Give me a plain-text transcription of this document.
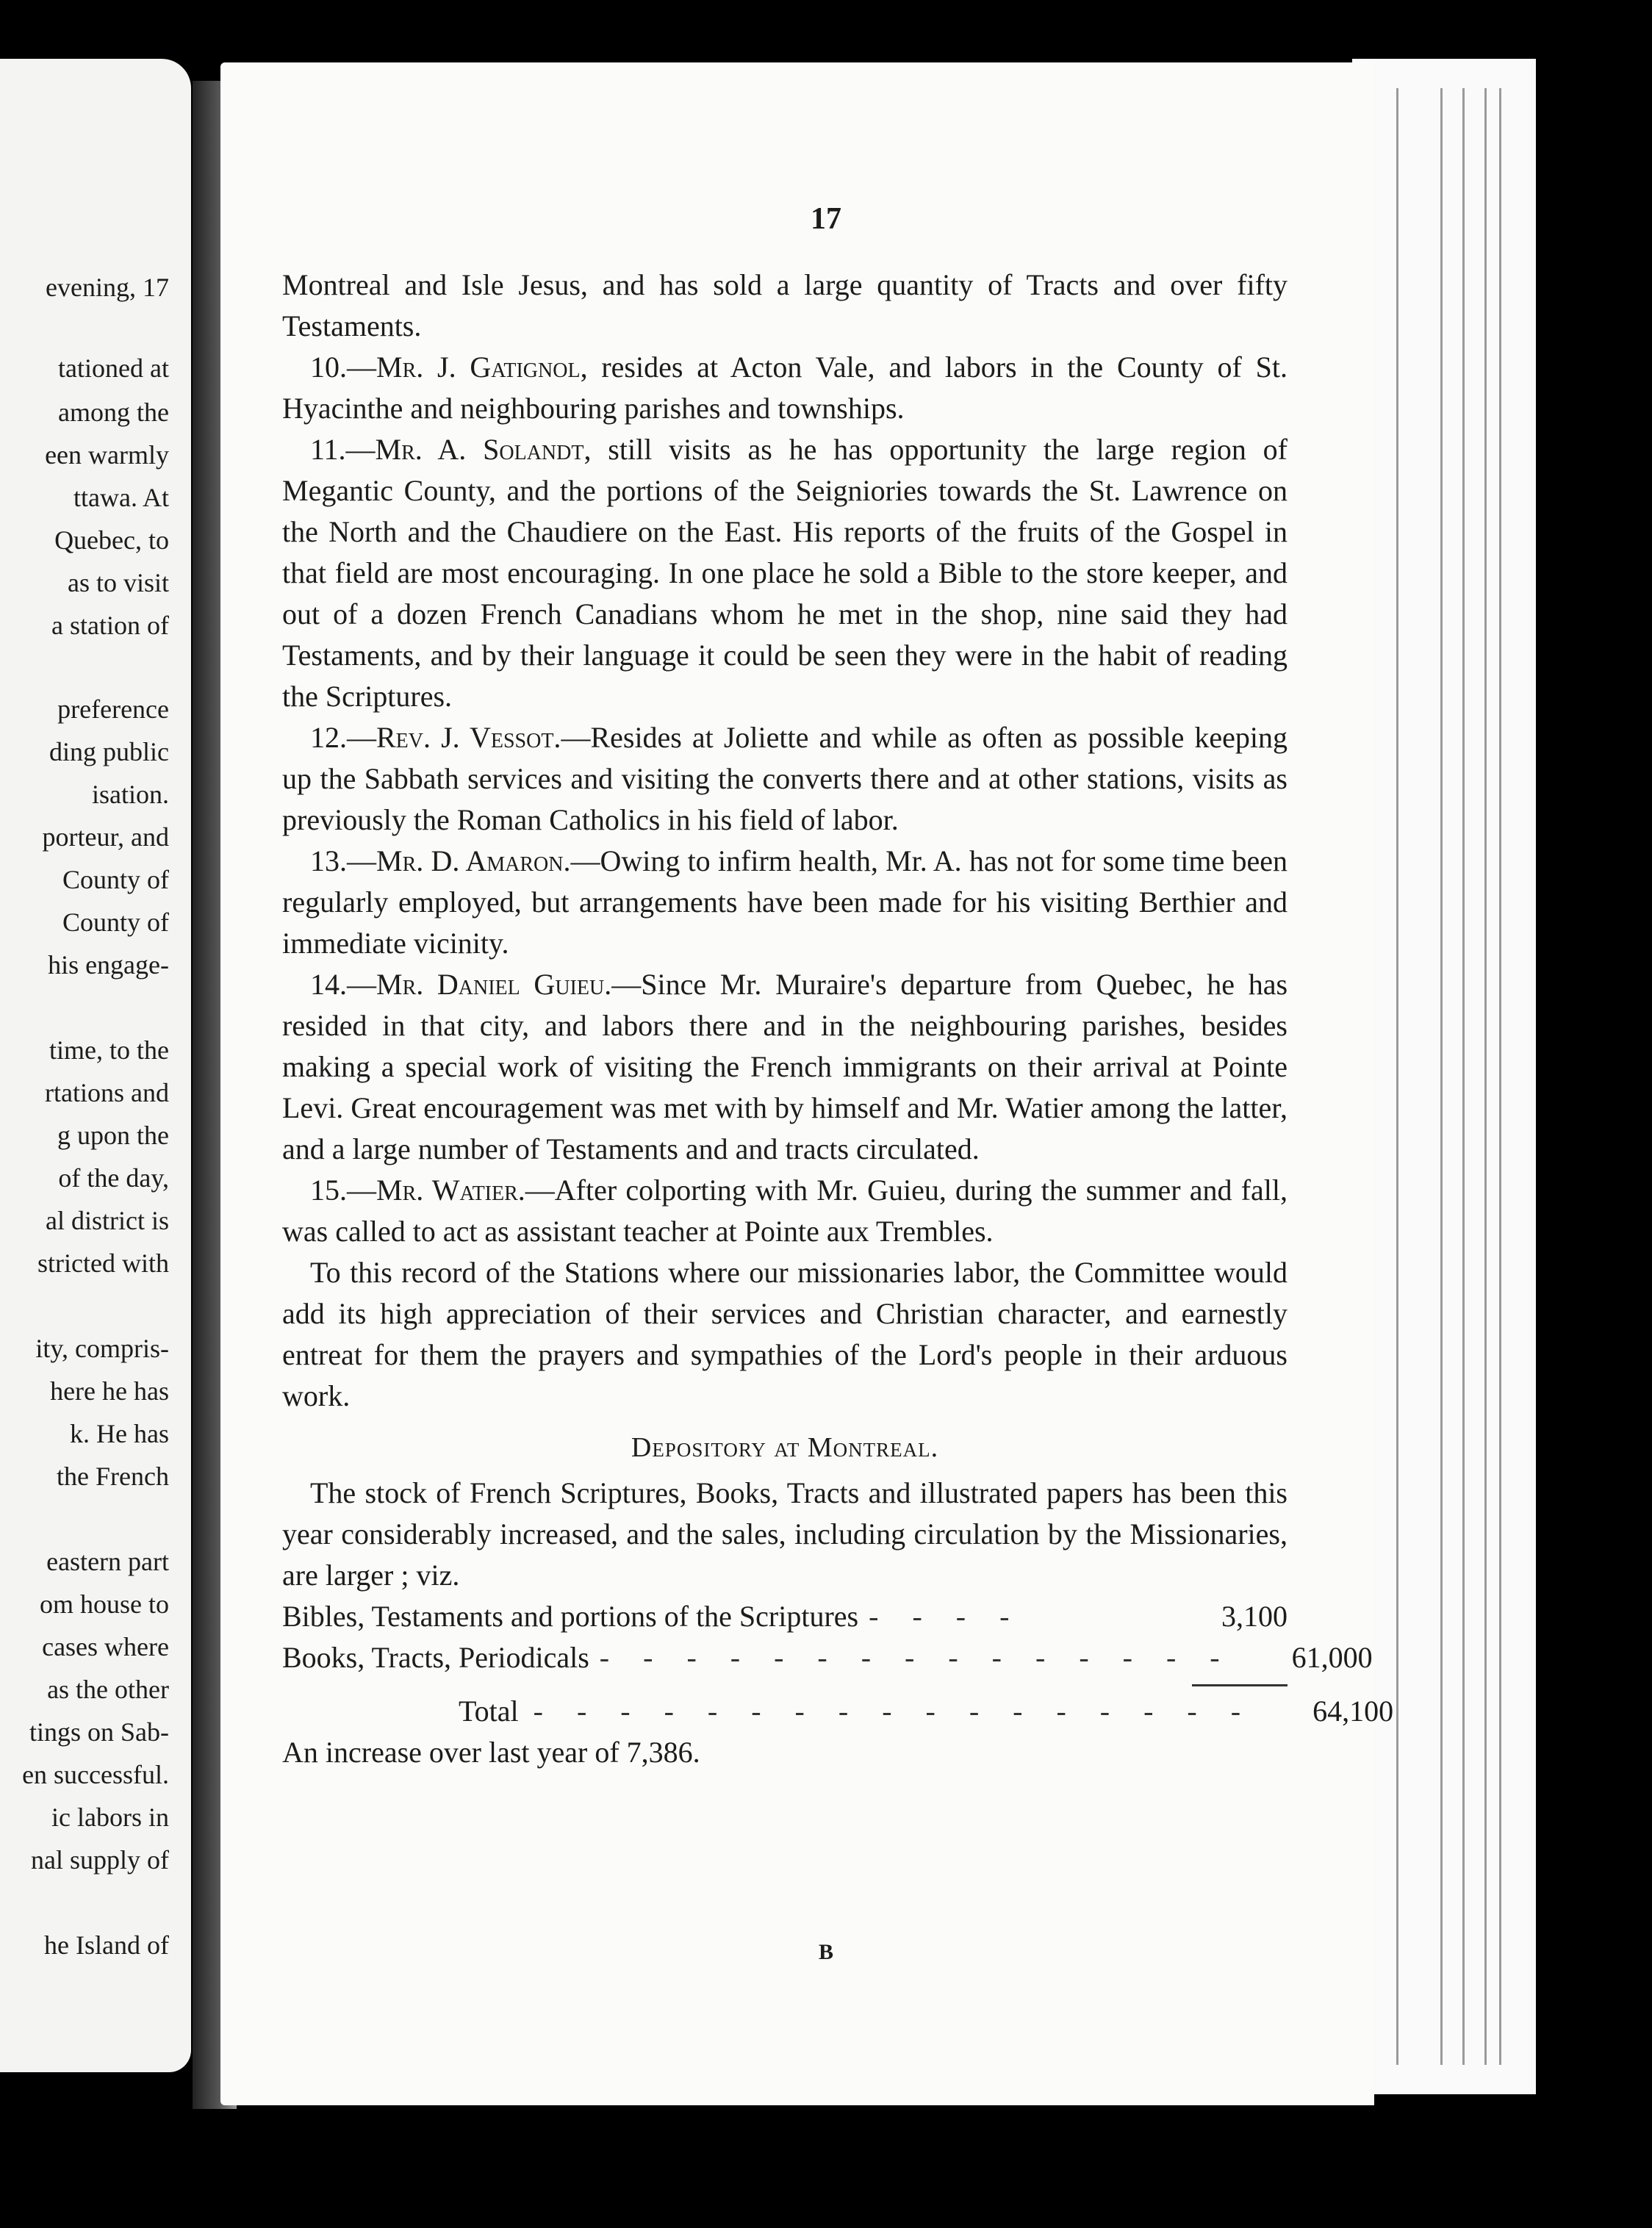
evening, 17
tationed at
among the
een warmly
ttawa. At
Quebec, to
as to visit
a station of
preference
ding public
isation.
porteur, and
County of
County of
his engage-
time, to the
rtations and
g upon the
of the day,
al district is
stricted with
ity, compris-
here he has
k. He has
the French
eastern part
om house to
cases where
as the other
tings on Sab-
en successful.
ic labors in
nal supply of
he Island of
17

Montreal and Isle Jesus, and has sold a large quantity of Tracts and over fifty Testaments.

10.—Mr. J. Gatignol, resides at Acton Vale, and labors in the County of St. Hyacinthe and neighbouring parishes and townships.

11.—Mr. A. Solandt, still visits as he has opportunity the large region of Megantic County, and the portions of the Seigniories towards the St. Lawrence on the North and the Chaudiere on the East. His reports of the fruits of the Gospel in that field are most encouraging. In one place he sold a Bible to the store keeper, and out of a dozen French Canadians whom he met in the shop, nine said they had Testaments, and by their language it could be seen they were in the habit of reading the Scriptures.

12.—Rev. J. Vessot.—Resides at Joliette and while as often as possible keeping up the Sabbath services and visiting the converts there and at other stations, visits as previously the Roman Catholics in his field of labor.

13.—Mr. D. Amaron.—Owing to infirm health, Mr. A. has not for some time been regularly employed, but arrangements have been made for his visiting Berthier and immediate vicinity.

14.—Mr. Daniel Guieu.—Since Mr. Muraire's departure from Quebec, he has resided in that city, and labors there and in the neighbouring parishes, besides making a special work of visiting the French immigrants on their arrival at Pointe Levi. Great encouragement was met with by himself and Mr. Watier among the latter, and a large number of Testaments and and tracts circulated.

15.—Mr. Watier.—After colporting with Mr. Guieu, during the summer and fall, was called to act as assistant teacher at Pointe aux Trembles.

To this record of the Stations where our missionaries labor, the Committee would add its high appreciation of their services and Christian character, and earnestly entreat for them the prayers and sympathies of the Lord's people in their arduous work.

Depository at Montreal.

The stock of French Scriptures, Books, Tracts and illustrated papers has been this year considerably increased, and the sales, including circulation by the Missionaries, are larger ; viz.

Bibles, Testaments and portions of the Scriptures - - - -	3,100
Books, Tracts, Periodicals - - - - - - - - - - - - - - -	61,000
Total - - - - - - - - - - - - - - - - -	64,100
An increase over last year of 7,386.
B
